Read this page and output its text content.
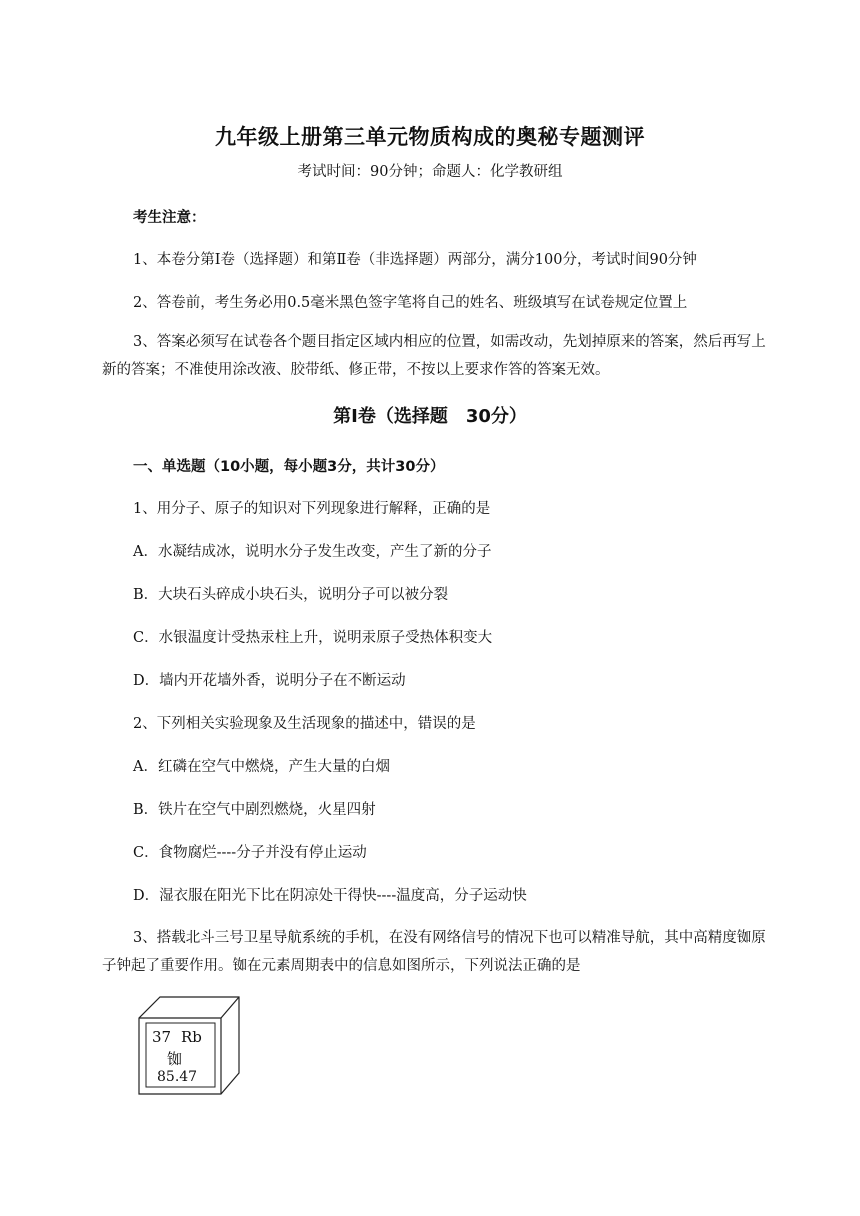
九年级上册第三单元物质构成的奥秘专题测评
考试时间：90分钟；命题人：化学教研组
考生注意：
1、本卷分第I卷（选择题）和第Ⅱ卷（非选择题）两部分，满分100分，考试时间90分钟
2、答卷前，考生务必用0.5毫米黑色签字笔将自己的姓名、班级填写在试卷规定位置上
3、答案必须写在试卷各个题目指定区域内相应的位置，如需改动，先划掉原来的答案，然后再写上新的答案；不准使用涂改液、胶带纸、修正带，不按以上要求作答的答案无效。
第I卷（选择题　30分）
一、单选题（10小题，每小题3分，共计30分）
1、用分子、原子的知识对下列现象进行解释，正确的是
A．水凝结成冰，说明水分子发生改变，产生了新的分子
B．大块石头碎成小块石头，说明分子可以被分裂
C．水银温度计受热汞柱上升，说明汞原子受热体积变大
D．墙内开花墙外香，说明分子在不断运动
2、下列相关实验现象及生活现象的描述中，错误的是
A．红磷在空气中燃烧，产生大量的白烟
B．铁片在空气中剧烈燃烧，火星四射
C．食物腐烂----分子并没有停止运动
D．湿衣服在阳光下比在阴凉处干得快----温度高，分子运动快
3、搭载北斗三号卫星导航系统的手机，在没有网络信号的情况下也可以精准导航，其中高精度铷原子钟起了重要作用。铷在元素周期表中的信息如图所示，下列说法正确的是
37 Rb
铷
85.47
